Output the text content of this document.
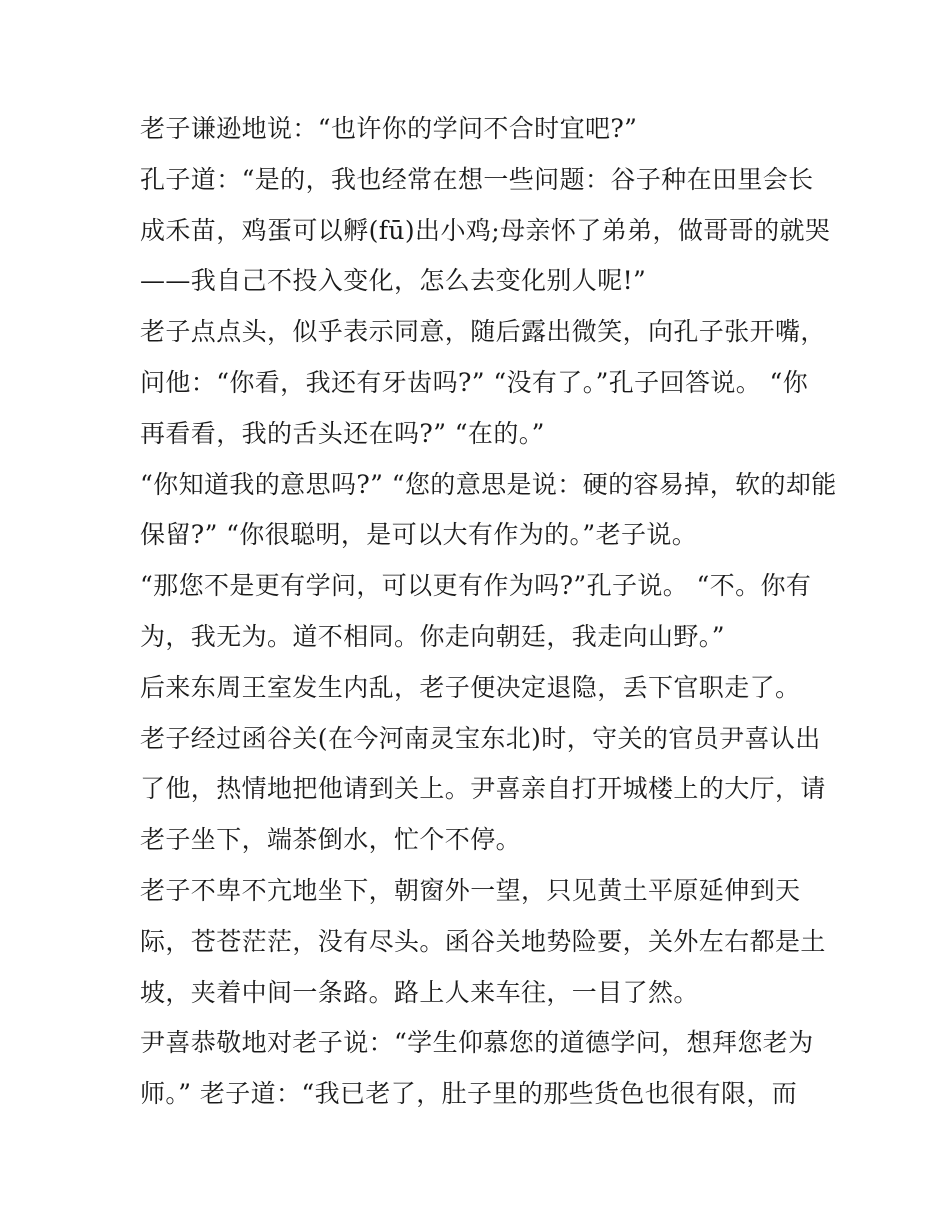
老子谦逊地说：“也许你的学问不合时宜吧?”
孔子道：“是的，我也经常在想一些问题：谷子种在田里会长
成禾苗，鸡蛋可以孵(fū)出小鸡;母亲怀了弟弟，做哥哥的就哭
——我自己不投入变化，怎么去变化别人呢!”
老子点点头，似乎表示同意，随后露出微笑，向孔子张开嘴，
问他：“你看，我还有牙齿吗?” “没有了。”孔子回答说。 “你
再看看，我的舌头还在吗?” “在的。”
“你知道我的意思吗?” “您的意思是说：硬的容易掉，软的却能
保留?” “你很聪明，是可以大有作为的。”老子说。
“那您不是更有学问，可以更有作为吗?”孔子说。 “不。你有
为，我无为。道不相同。你走向朝廷，我走向山野。”
后来东周王室发生内乱，老子便决定退隐，丢下官职走了。
老子经过函谷关(在今河南灵宝东北)时，守关的官员尹喜认出
了他，热情地把他请到关上。尹喜亲自打开城楼上的大厅，请
老子坐下，端茶倒水，忙个不停。
老子不卑不亢地坐下，朝窗外一望，只见黄土平原延伸到天
际，苍苍茫茫，没有尽头。函谷关地势险要，关外左右都是土
坡，夹着中间一条路。路上人来车往，一目了然。
尹喜恭敬地对老子说：“学生仰慕您的道德学问，想拜您老为
师。” 老子道：“我已老了，肚子里的那些货色也很有限，而
